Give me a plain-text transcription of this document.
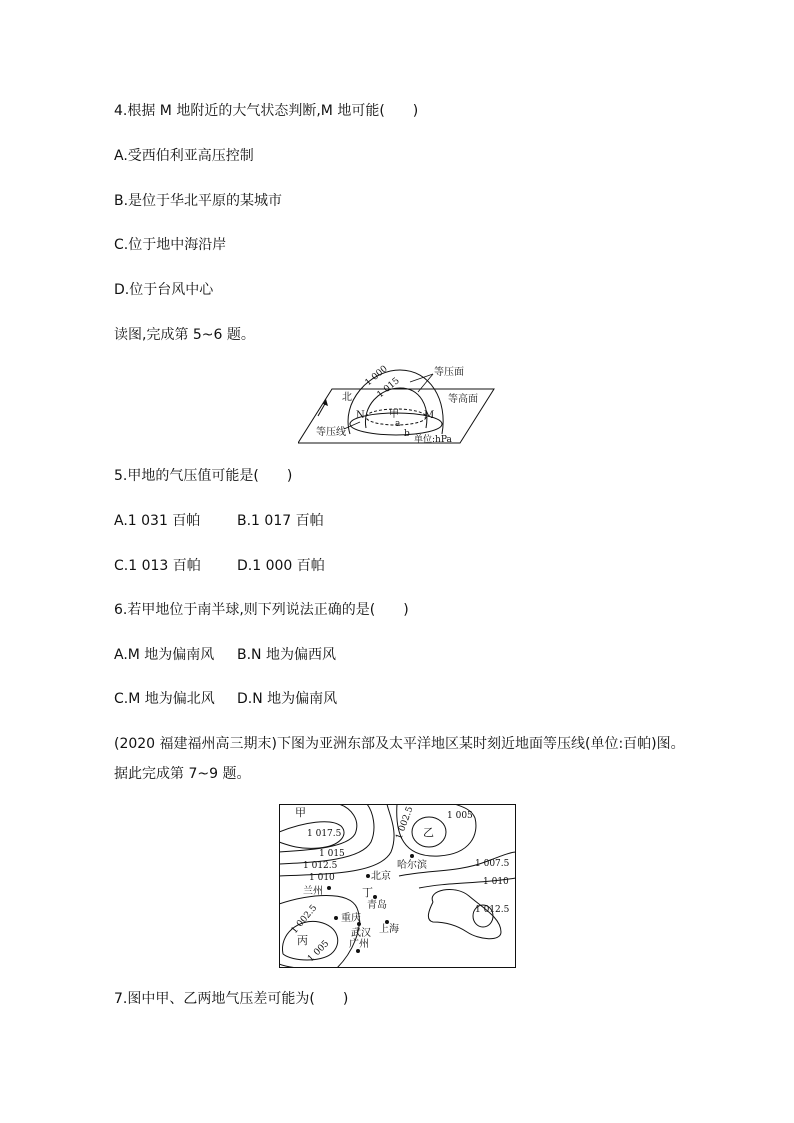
4.根据 M 地附近的大气状态判断,M 地可能(　　)
A.受西伯利亚高压控制
B.是位于华北平原的某城市
C.位于地中海沿岸
D.位于台风中心
读图,完成第 5~6 题。
1 000
1 015
等压面
等高面
北
N 甲	M
a
b
等压线
单位:hPa
5.甲地的气压值可能是(　　)
A.1 031 百帕	B.1 017 百帕
C.1 013 百帕	D.1 000 百帕
6.若甲地位于南半球,则下列说法正确的是(　　)
A.M 地为偏南风 B.N 地为偏西风
C.M 地为偏北风 D.N 地为偏南风
(2020 福建福州高三期末)下图为亚洲东部及太平洋地区某时刻近地面等压线(单位:百帕)图。
据此完成第 7~9 题。
甲
乙
丁
丙
1 017.5
1 015
1 012.5
1 010
1 002.5	1 005
1 007.5
1 010
1 012.5
1 002.5
1 005
哈尔滨
北京
兰州
青岛
重庆
武汉 上海
广州
7.图中甲、乙两地气压差可能为(　　)
